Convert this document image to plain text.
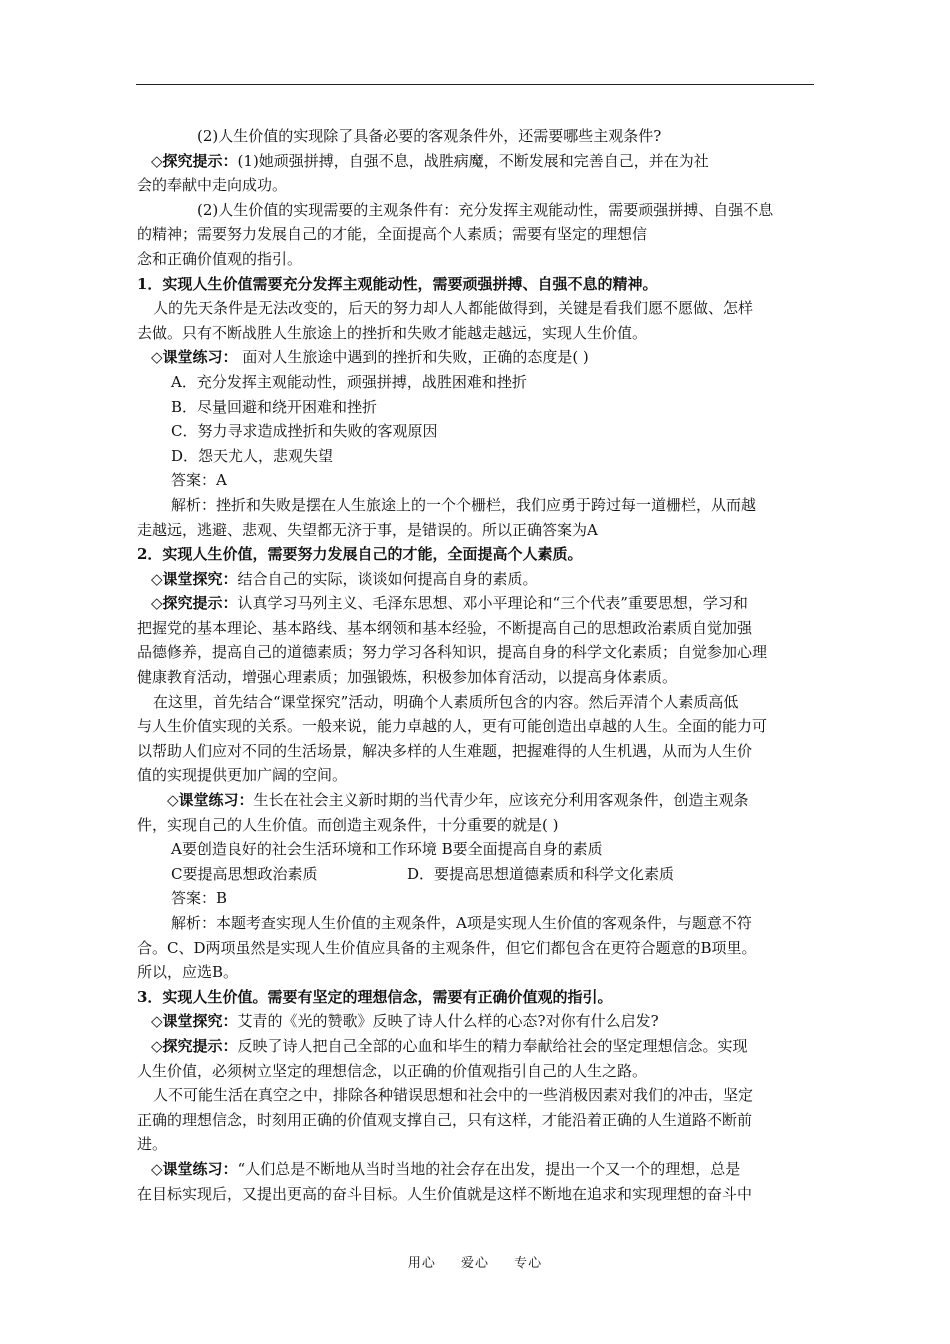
(2)人生价值的实现除了具备必要的客观条件外，还需要哪些主观条件?

◇探究提示：(1)她顽强拼搏，自强不息，战胜病魔，不断发展和完善自己，并在为社

会的奉献中走向成功。

(2)人生价值的实现需要的主观条件有：充分发挥主观能动性，需要顽强拼搏、自强不息

的精神；需要努力发展自己的才能，全面提高个人素质；需要有坚定的理想信

念和正确价值观的指引。

1．实现人生价值需要充分发挥主观能动性，需要顽强拼搏、自强不息的精神。

人的先天条件是无法改变的，后天的努力却人人都能做得到，关键是看我们愿不愿做、怎样

去做。只有不断战胜人生旅途上的挫折和失败才能越走越远，实现人生价值。

◇课堂练习： 面对人生旅途中遇到的挫折和失败，正确的态度是( )

A．充分发挥主观能动性，顽强拼搏，战胜困难和挫折

B．尽量回避和绕开困难和挫折

C．努力寻求造成挫折和失败的客观原因

D．怨天尤人，悲观失望

答案：A

解析：挫折和失败是摆在人生旅途上的一个个栅栏，我们应勇于跨过每一道栅栏，从而越

走越远，逃避、悲观、失望都无济于事，是错误的。所以正确答案为A

2．实现人生价值，需要努力发展自己的才能，全面提高个人素质。

◇课堂探究：结合自己的实际，谈谈如何提高自身的素质。

◇探究提示：认真学习马列主义、毛泽东思想、邓小平理论和“三个代表”重要思想，学习和

把握党的基本理论、基本路线、基本纲领和基本经验，不断提高自己的思想政治素质自觉加强

品德修养，提高自己的道德素质；努力学习各科知识，提高自身的科学文化素质；自觉参加心理

健康教育活动，增强心理素质；加强锻炼，积极参加体育活动，以提高身体素质。

在这里，首先结合“课堂探究”活动，明确个人素质所包含的内容。然后弄清个人素质高低

与人生价值实现的关系。一般来说，能力卓越的人，更有可能创造出卓越的人生。全面的能力可

以帮助人们应对不同的生活场景，解决多样的人生难题，把握难得的人生机遇，从而为人生价

值的实现提供更加广阔的空间。

◇课堂练习：生长在社会主义新时期的当代青少年，应该充分利用客观条件，创造主观条

件，实现自己的人生价值。而创造主观条件，十分重要的就是( )

A要创造良好的社会生活环境和工作环境 B要全面提高自身的素质

C要提高思想政治素质	D．要提高思想道德素质和科学文化素质

答案：B

解析：本题考查实现人生价值的主观条件，A项是实现人生价值的客观条件，与题意不符

合。C、D两项虽然是实现人生价值应具备的主观条件，但它们都包含在更符合题意的B项里。

所以，应选B。

3．实现人生价值。需要有坚定的理想信念，需要有正确价值观的指引。

◇课堂探究：艾青的《光的赞歌》反映了诗人什么样的心态?对你有什么启发?

◇探究提示：反映了诗人把自己全部的心血和毕生的精力奉献给社会的坚定理想信念。实现

人生价值，必须树立坚定的理想信念，以正确的价值观指引自己的人生之路。

人不可能生活在真空之中，排除各种错误思想和社会中的一些消极因素对我们的冲击，坚定

正确的理想信念，时刻用正确的价值观支撑自己，只有这样，才能沿着正确的人生道路不断前

进。

◇课堂练习：“人们总是不断地从当时当地的社会存在出发，提出一个又一个的理想，总是

在目标实现后，又提出更高的奋斗目标。人生价值就是这样不断地在追求和实现理想的奋斗中

用心 爱心 专心
